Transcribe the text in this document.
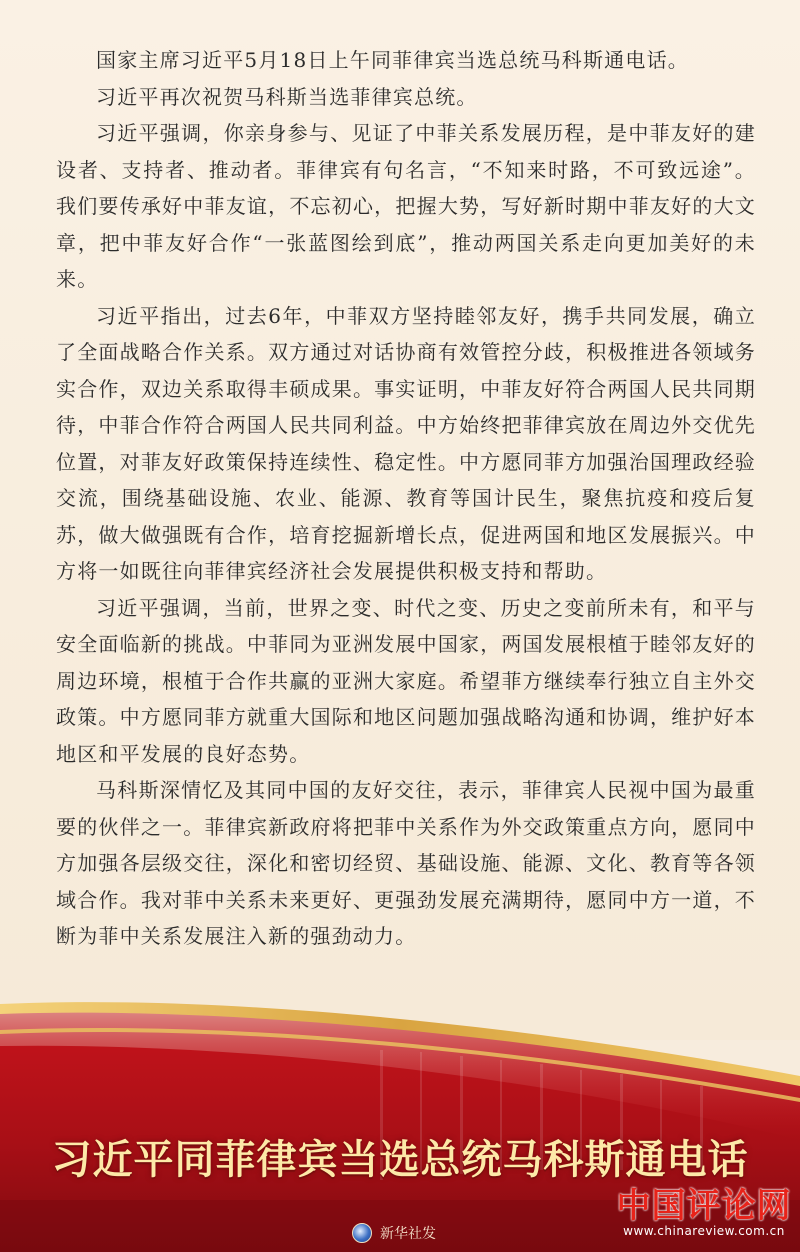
国家主席习近平5月18日上午同菲律宾当选总统马科斯通电话。

习近平再次祝贺马科斯当选菲律宾总统。

习近平强调，你亲身参与、见证了中菲关系发展历程，是中菲友好的建设者、支持者、推动者。菲律宾有句名言，“不知来时路，不可致远途”。我们要传承好中菲友谊，不忘初心，把握大势，写好新时期中菲友好的大文章，把中菲友好合作“一张蓝图绘到底”，推动两国关系走向更加美好的未来。

习近平指出，过去6年，中菲双方坚持睦邻友好，携手共同发展，确立了全面战略合作关系。双方通过对话协商有效管控分歧，积极推进各领域务实合作，双边关系取得丰硕成果。事实证明，中菲友好符合两国人民共同期待，中菲合作符合两国人民共同利益。中方始终把菲律宾放在周边外交优先位置，对菲友好政策保持连续性、稳定性。中方愿同菲方加强治国理政经验交流，围绕基础设施、农业、能源、教育等国计民生，聚焦抗疫和疫后复苏，做大做强既有合作，培育挖掘新增长点，促进两国和地区发展振兴。中方将一如既往向菲律宾经济社会发展提供积极支持和帮助。

习近平强调，当前，世界之变、时代之变、历史之变前所未有，和平与安全面临新的挑战。中菲同为亚洲发展中国家，两国发展根植于睦邻友好的周边环境，根植于合作共赢的亚洲大家庭。希望菲方继续奉行独立自主外交政策。中方愿同菲方就重大国际和地区问题加强战略沟通和协调，维护好本地区和平发展的良好态势。

马科斯深情忆及其同中国的友好交往，表示，菲律宾人民视中国为最重要的伙伴之一。菲律宾新政府将把菲中关系作为外交政策重点方向，愿同中方加强各层级交往，深化和密切经贸、基础设施、能源、文化、教育等各领域合作。我对菲中关系未来更好、更强劲发展充满期待，愿同中方一道，不断为菲中关系发展注入新的强劲动力。

习近平同菲律宾当选总统马科斯通电话
新华社发
中国评论网
www.chinareview.com.cn
